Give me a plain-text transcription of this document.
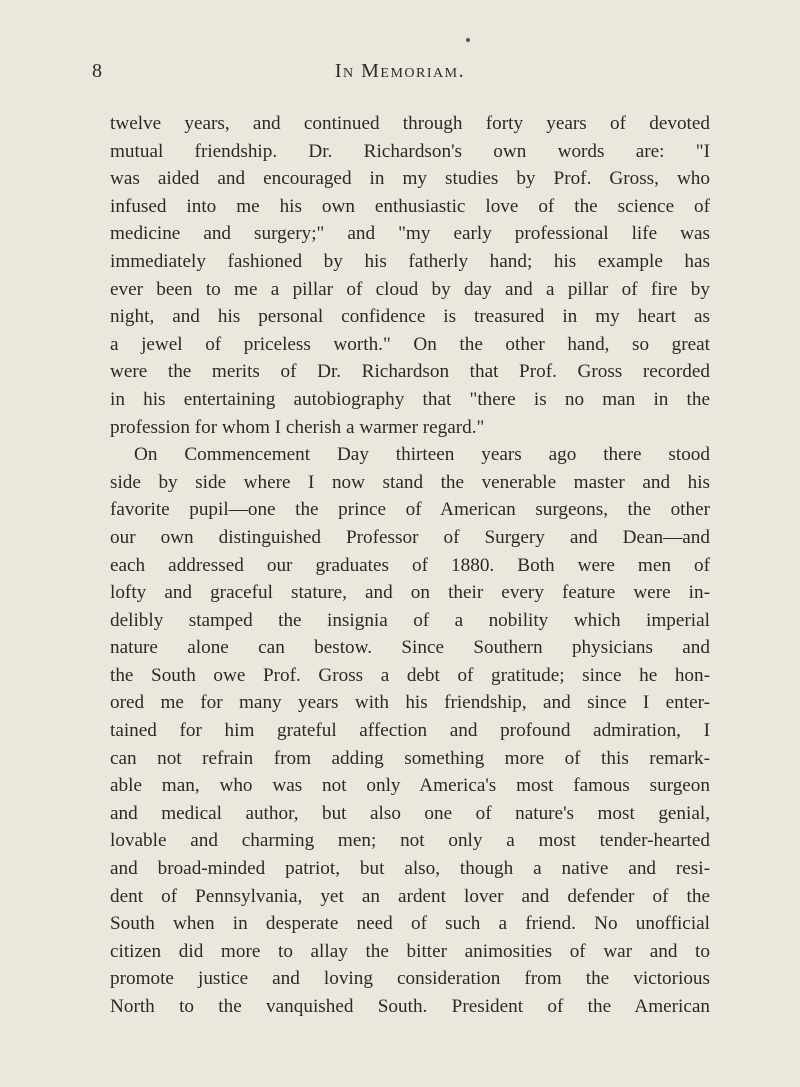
8	In Memoriam.
twelve years, and continued through forty years of devoted
mutual friendship. Dr. Richardson's own words are: "I
was aided and encouraged in my studies by Prof. Gross, who
infused into me his own enthusiastic love of the science of
medicine and surgery;" and "my early professional life was
immediately fashioned by his fatherly hand; his example has
ever been to me a pillar of cloud by day and a pillar of fire by
night, and his personal confidence is treasured in my heart as
a jewel of priceless worth." On the other hand, so great
were the merits of Dr. Richardson that Prof. Gross recorded
in his entertaining autobiography that "there is no man in the
profession for whom I cherish a warmer regard."
On Commencement Day thirteen years ago there stood
side by side where I now stand the venerable master and his
favorite pupil—one the prince of American surgeons, the other
our own distinguished Professor of Surgery and Dean—and
each addressed our graduates of 1880. Both were men of
lofty and graceful stature, and on their every feature were in-
delibly stamped the insignia of a nobility which imperial
nature alone can bestow. Since Southern physicians and
the South owe Prof. Gross a debt of gratitude; since he hon-
ored me for many years with his friendship, and since I enter-
tained for him grateful affection and profound admiration, I
can not refrain from adding something more of this remark-
able man, who was not only America's most famous surgeon
and medical author, but also one of nature's most genial,
lovable and charming men; not only a most tender-hearted
and broad-minded patriot, but also, though a native and resi-
dent of Pennsylvania, yet an ardent lover and defender of the
South when in desperate need of such a friend. No unofficial
citizen did more to allay the bitter animosities of war and to
promote justice and loving consideration from the victorious
North to the vanquished South. President of the American
